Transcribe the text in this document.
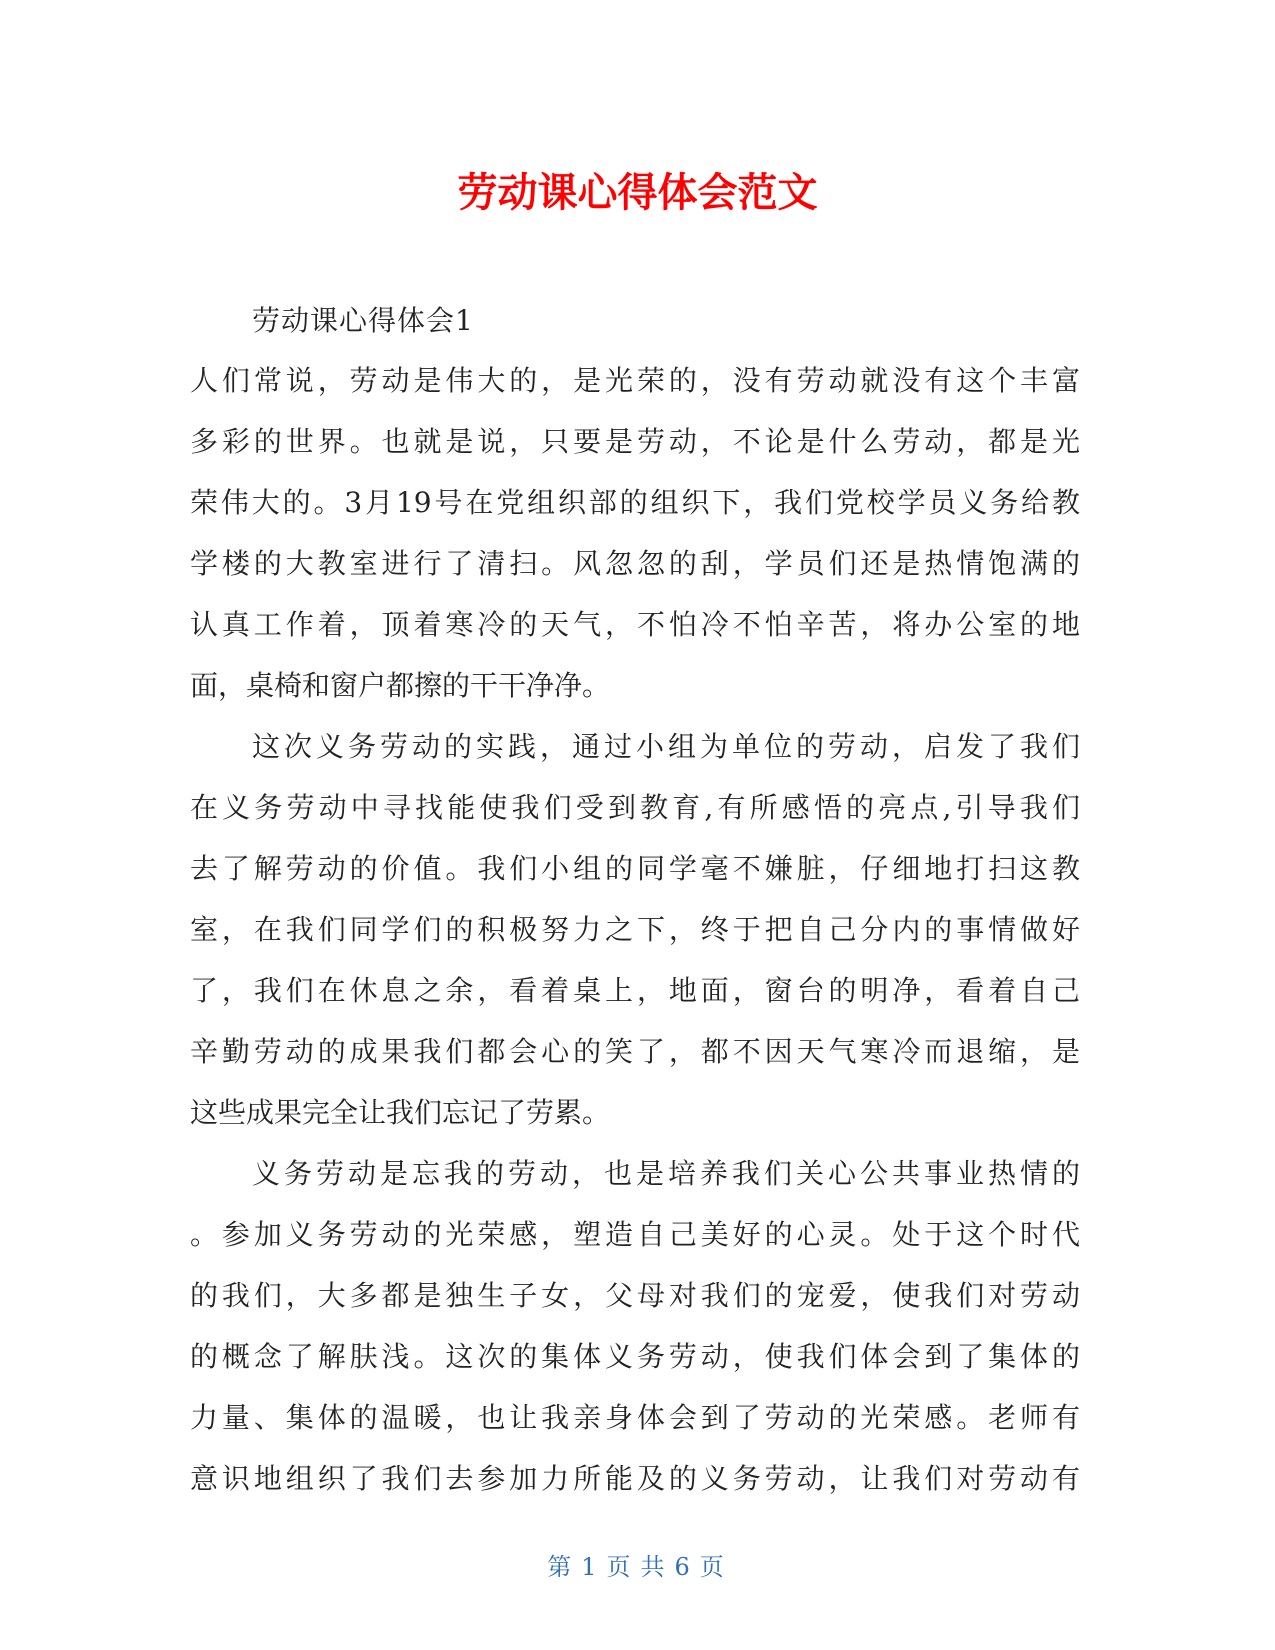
劳动课心得体会范文

劳动课心得体会1

人们常说，劳动是伟大的，是光荣的，没有劳动就没有这个丰富
多彩的世界。也就是说，只要是劳动，不论是什么劳动，都是光
荣伟大的。3月19号在党组织部的组织下，我们党校学员义务给教
学楼的大教室进行了清扫。风忽忽的刮，学员们还是热情饱满的
认真工作着，顶着寒冷的天气，不怕冷不怕辛苦，将办公室的地
面，桌椅和窗户都擦的干干净净。
这次义务劳动的实践，通过小组为单位的劳动，启发了我们
在义务劳动中寻找能使我们受到教育,有所感悟的亮点,引导我们
去了解劳动的价值。我们小组的同学毫不嫌脏，仔细地打扫这教
室，在我们同学们的积极努力之下，终于把自己分内的事情做好
了，我们在休息之余，看着桌上，地面，窗台的明净，看着自己
辛勤劳动的成果我们都会心的笑了，都不因天气寒冷而退缩，是
这些成果完全让我们忘记了劳累。
义务劳动是忘我的劳动，也是培养我们关心公共事业热情的
。参加义务劳动的光荣感，塑造自己美好的心灵。处于这个时代
的我们，大多都是独生子女，父母对我们的宠爱，使我们对劳动
的概念了解肤浅。这次的集体义务劳动，使我们体会到了集体的
力量、集体的温暖，也让我亲身体会到了劳动的光荣感。老师有
意识地组织了我们去参加力所能及的义务劳动，让我们对劳动有
第 1 页 共 6 页
